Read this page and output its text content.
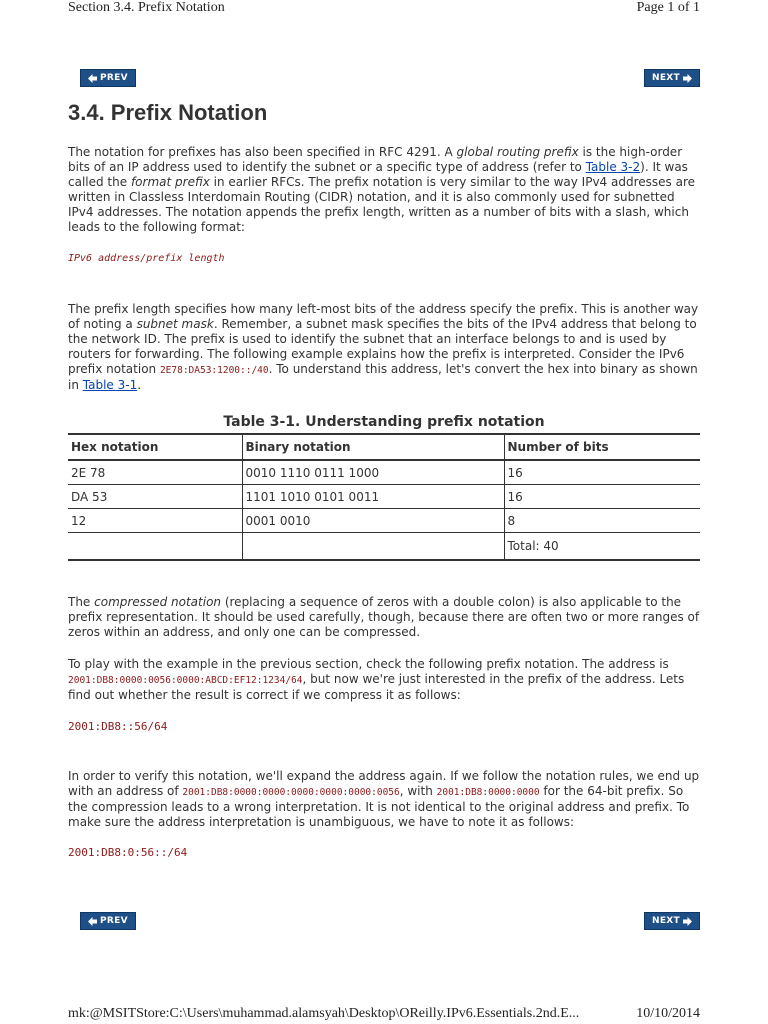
Section 3.4. Prefix Notation	Page 1 of 1
PREV	NEXT
3.4. Prefix Notation

The notation for prefixes has also been specified in RFC 4291. A global routing prefix is the high-order bits of an IP address used to identify the subnet or a specific type of address (refer to Table 3-2). It was called the format prefix in earlier RFCs. The prefix notation is very similar to the way IPv4 addresses are written in Classless Interdomain Routing (CIDR) notation, and it is also commonly used for subnetted IPv4 addresses. The notation appends the prefix length, written as a number of bits with a slash, which leads to the following format:

IPv6 address/prefix length

The prefix length specifies how many left-most bits of the address specify the prefix. This is another way of noting a subnet mask. Remember, a subnet mask specifies the bits of the IPv4 address that belong to the network ID. The prefix is used to identify the subnet that an interface belongs to and is used by routers for forwarding. The following example explains how the prefix is interpreted. Consider the IPv6 prefix notation 2E78:DA53:1200::/40. To understand this address, let's convert the hex into binary as shown in Table 3-1.

Table 3-1. Understanding prefix notation
Hex notation	Binary notation	Number of bits
2E 78	0010 1110 0111 1000	16
DA 53	1101 1010 0101 0011	16
12	0001 0010	8
		Total: 40

The compressed notation (replacing a sequence of zeros with a double colon) is also applicable to the prefix representation. It should be used carefully, though, because there are often two or more ranges of zeros within an address, and only one can be compressed.

To play with the example in the previous section, check the following prefix notation. The address is 2001:DB8:0000:0056:0000:ABCD:EF12:1234/64, but now we're just interested in the prefix of the address. Lets find out whether the result is correct if we compress it as follows:

2001:DB8::56/64

In order to verify this notation, we'll expand the address again. If we follow the notation rules, we end up with an address of 2001:DB8:0000:0000:0000:0000:0000:0056, with 2001:DB8:0000:0000 for the 64-bit prefix. So the compression leads to a wrong interpretation. It is not identical to the original address and prefix. To make sure the address interpretation is unambiguous, we have to note it as follows:

2001:DB8:0:56::/64
PREV	NEXT
mk:@MSITStore:C:\Users\muhammad.alamsyah\Desktop\OReilly.IPv6.Essentials.2nd.E...	10/10/2014
